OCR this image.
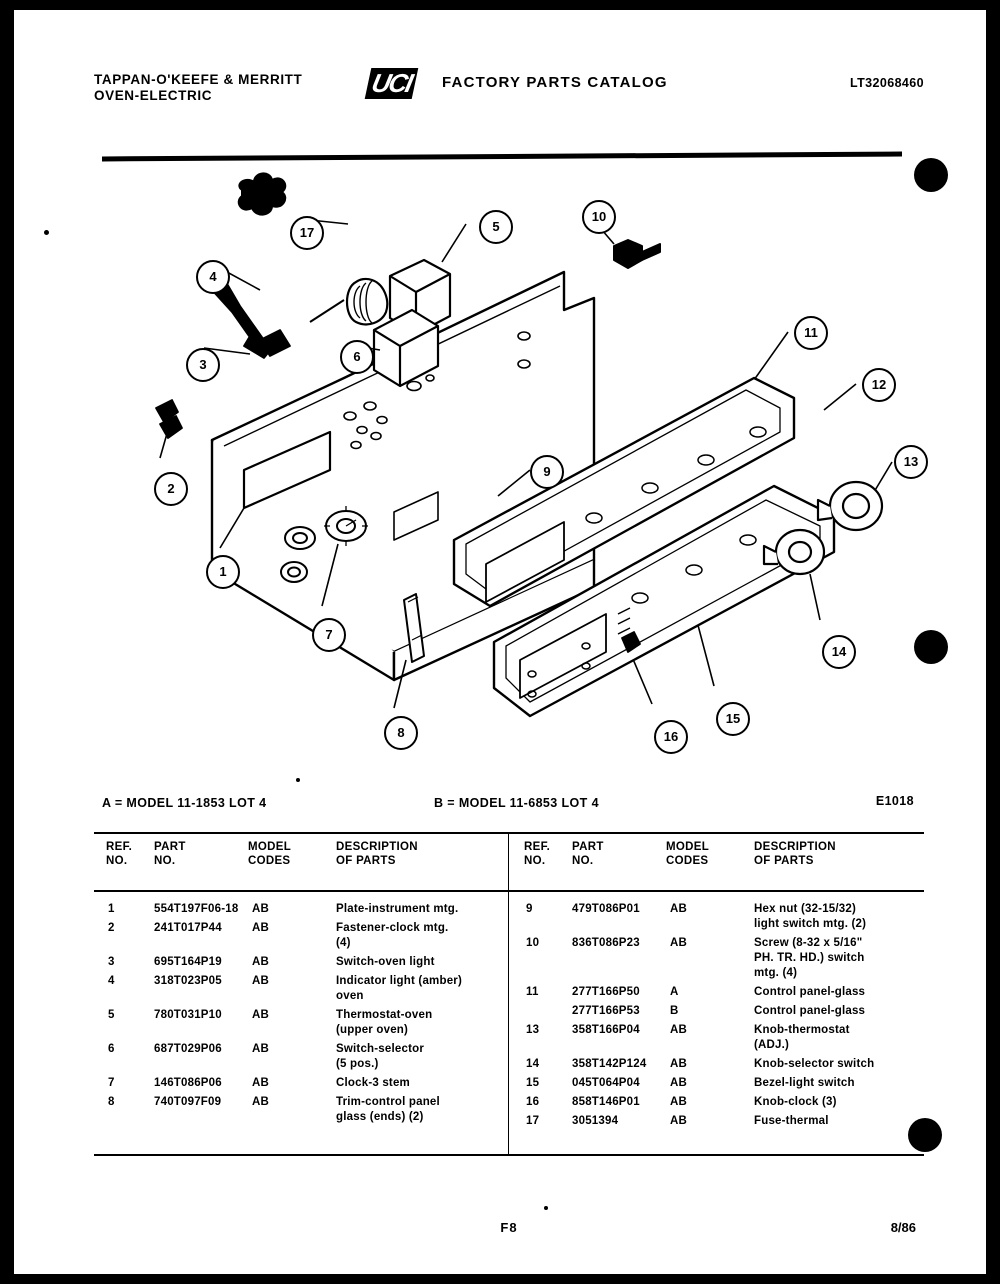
TAPPAN-O'KEEFE & MERRITT
OVEN-ELECTRIC	UCI FACTORY PARTS CATALOG	LT32068460
1
2
3
4
5
6
7
8
9
10
11
12
13
14
15
16
17
A = MODEL 11-1853 LOT 4	B = MODEL 11-6853 LOT 4	E1018
REF.
NO.
PART
NO.
MODEL
CODES
DESCRIPTION
OF PARTS
1	554T197F06-18	AB	Plate-instrument mtg.
2	241T017P44	AB	Fastener-clock mtg.
(4)
3	695T164P19	AB	Switch-oven light
4	318T023P05	AB	Indicator light (amber)
oven
5	780T031P10	AB	Thermostat-oven
(upper oven)
6	687T029P06	AB	Switch-selector
(5 pos.)
7	146T086P06	AB	Clock-3 stem
8	740T097F09	AB	Trim-control panel
glass (ends) (2)
REF.
NO.
PART
NO.
MODEL
CODES
DESCRIPTION
OF PARTS
9	479T086P01	AB	Hex nut (32-15/32)
light switch mtg. (2)
10	836T086P23	AB	Screw (8-32 x 5/16"
PH. TR. HD.) switch
mtg. (4)
11	277T166P50	A	Control panel-glass
277T166P53	B	Control panel-glass
13	358T166P04	AB	Knob-thermostat
(ADJ.)
14	358T142P124	AB	Knob-selector switch
15	045T064P04	AB	Bezel-light switch
16	858T146P01	AB	Knob-clock (3)
17	3051394	AB	Fuse-thermal
F8	8/86
